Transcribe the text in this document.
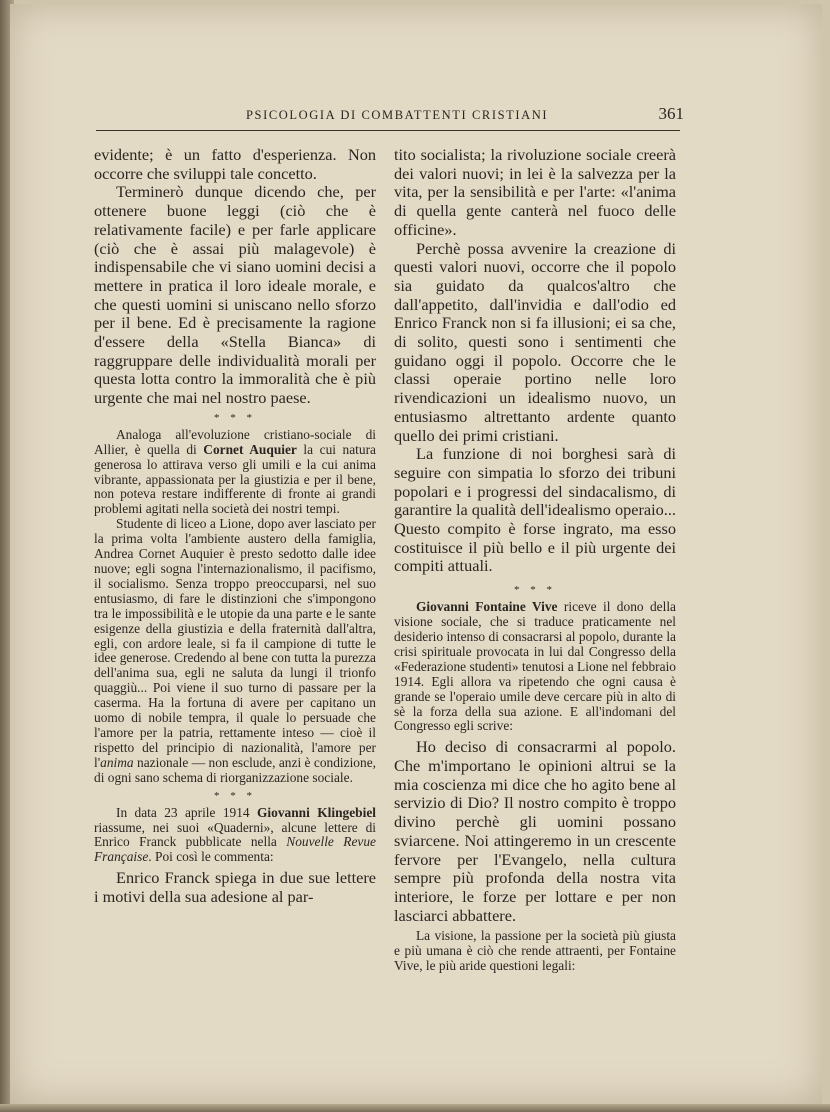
PSICOLOGIA DI COMBATTENTI CRISTIANI	361

evidente; è un fatto d'esperienza. Non occorre che sviluppi tale concetto.

Terminerò dunque dicendo che, per ottenere buone leggi (ciò che è relativamente facile) e per farle applicare (ciò che è assai più malagevole) è indispensabile che vi siano uomini decisi a mettere in pratica il loro ideale morale, e che questi uomini si uniscano nello sforzo per il bene. Ed è precisamente la ragione d'essere della «Stella Bianca» di raggruppare delle individualità morali per questa lotta contro la immoralità che è più urgente che mai nel nostro paese.

* * *

Analoga all'evoluzione cristiano-sociale di Allier, è quella di Cornet Auquier la cui natura generosa lo attirava verso gli umili e la cui anima vibrante, appassionata per la giustizia e per il bene, non poteva restare indifferente di fronte ai grandi problemi agitati nella società dei nostri tempi.

Studente di liceo a Lione, dopo aver lasciato per la prima volta l'ambiente austero della famiglia, Andrea Cornet Auquier è presto sedotto dalle idee nuove; egli sogna l'internazionalismo, il pacifismo, il socialismo. Senza troppo preoccuparsi, nel suo entusiasmo, di fare le distinzioni che s'impongono tra le impossibilità e le utopie da una parte e le sante esigenze della giustizia e della fraternità dall'altra, egli, con ardore leale, si fa il campione di tutte le idee generose. Credendo al bene con tutta la purezza dell'anima sua, egli ne saluta da lungi il trionfo quaggiù... Poi viene il suo turno di passare per la caserma. Ha la fortuna di avere per capitano un uomo di nobile tempra, il quale lo persuade che l'amore per la patria, rettamente inteso — cioè il rispetto del principio di nazionalità, l'amore per l'anima nazionale — non esclude, anzi è condizione, di ogni sano schema di riorganizzazione sociale.

* * *

In data 23 aprile 1914 Giovanni Klingebiel riassume, nei suoi «Quaderni», alcune lettere di Enrico Franck pubblicate nella Nouvelle Revue Française. Poi così le commenta:

Enrico Franck spiega in due sue lettere i motivi della sua adesione al par-

tito socialista; la rivoluzione sociale creerà dei valori nuovi; in lei è la salvezza per la vita, per la sensibilità e per l'arte: «l'anima di quella gente canterà nel fuoco delle officine».

Perchè possa avvenire la creazione di questi valori nuovi, occorre che il popolo sia guidato da qualcos'altro che dall'appetito, dall'invidia e dall'odio ed Enrico Franck non si fa illusioni; ei sa che, di solito, questi sono i sentimenti che guidano oggi il popolo. Occorre che le classi operaie portino nelle loro rivendicazioni un idealismo nuovo, un entusiasmo altrettanto ardente quanto quello dei primi cristiani.

La funzione di noi borghesi sarà di seguire con simpatia lo sforzo dei tribuni popolari e i progressi del sindacalismo, di garantire la qualità dell'idealismo operaio... Questo compito è forse ingrato, ma esso costituisce il più bello e il più urgente dei compiti attuali.

* * *

Giovanni Fontaine Vive riceve il dono della visione sociale, che si traduce praticamente nel desiderio intenso di consacrarsi al popolo, durante la crisi spirituale provocata in lui dal Congresso della «Federazione studenti» tenutosi a Lione nel febbraio 1914. Egli allora va ripetendo che ogni causa è grande se l'operaio umile deve cercare più in alto di sè la forza della sua azione. E all'indomani del Congresso egli scrive:

Ho deciso di consacrarmi al popolo. Che m'importano le opinioni altrui se la mia coscienza mi dice che ho agito bene al servizio di Dio? Il nostro compito è troppo divino perchè gli uomini possano sviarcene. Noi attingeremo in un crescente fervore per l'Evangelo, nella cultura sempre più profonda della nostra vita interiore, le forze per lottare e per non lasciarci abbattere.

La visione, la passione per la società più giusta e più umana è ciò che rende attraenti, per Fontaine Vive, le più aride questioni legali:
